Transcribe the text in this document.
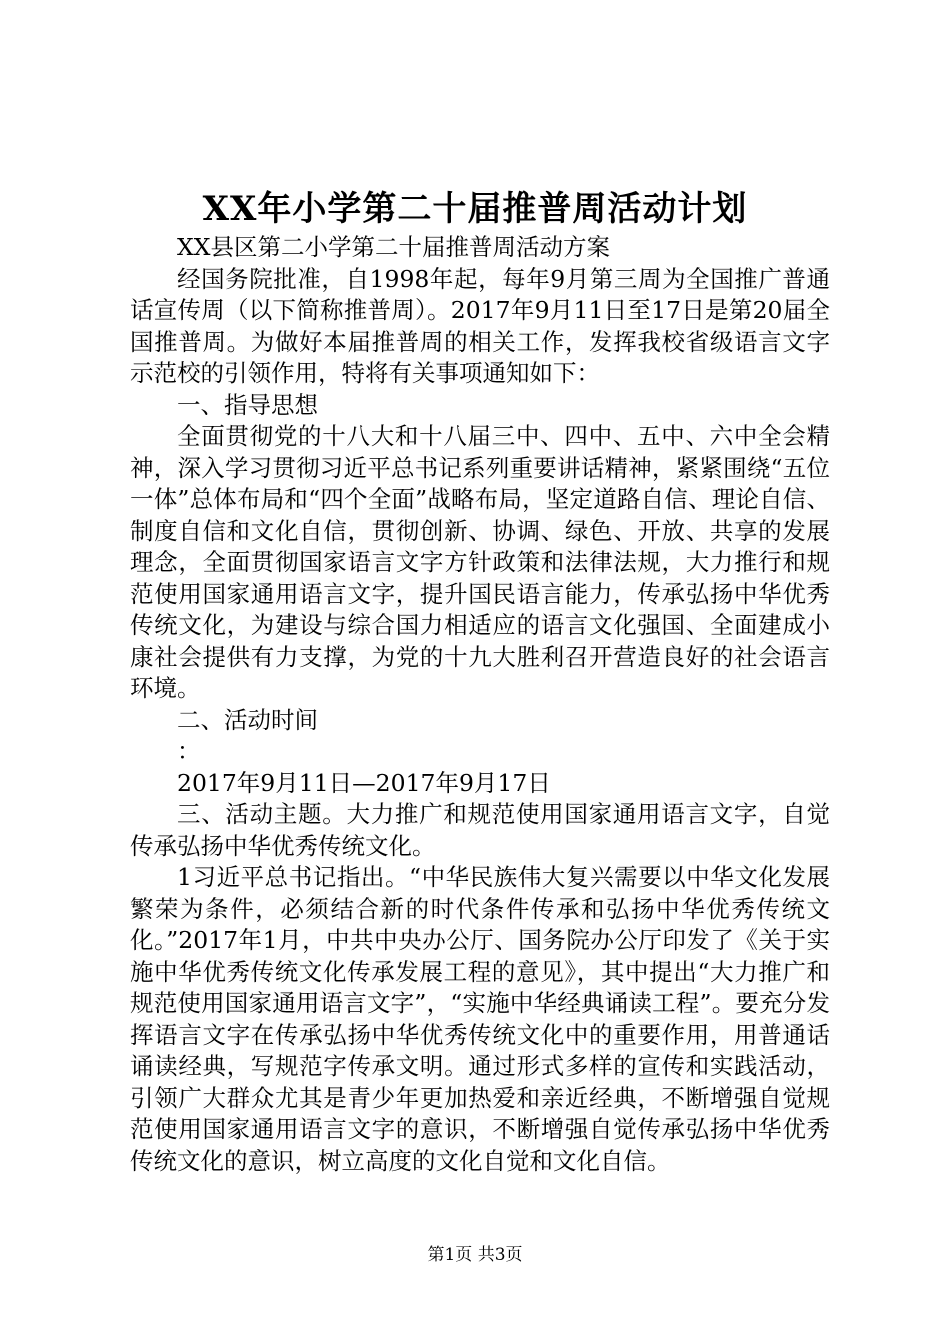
XX年小学第二十届推普周活动计划

XX县区第二小学第二十届推普周活动方案

经国务院批准，自1998年起，每年9月第三周为全国推广普通话宣传周（以下简称推普周）。2017年9月11日至17日是第20届全国推普周。为做好本届推普周的相关工作，发挥我校省级语言文字示范校的引领作用，特将有关事项通知如下：

一、指导思想

全面贯彻党的十八大和十八届三中、四中、五中、六中全会精神，深入学习贯彻习近平总书记系列重要讲话精神，紧紧围绕“五位一体”总体布局和“四个全面”战略布局，坚定道路自信、理论自信、制度自信和文化自信，贯彻创新、协调、绿色、开放、共享的发展理念，全面贯彻国家语言文字方针政策和法律法规，大力推行和规范使用国家通用语言文字，提升国民语言能力，传承弘扬中华优秀传统文化，为建设与综合国力相适应的语言文化强国、全面建成小康社会提供有力支撑，为党的十九大胜利召开营造良好的社会语言环境。

二、活动时间

：

2017年9月11日—2017年9月17日

三、活动主题。大力推广和规范使用国家通用语言文字，自觉传承弘扬中华优秀传统文化。

1习近平总书记指出。“中华民族伟大复兴需要以中华文化发展繁荣为条件，必须结合新的时代条件传承和弘扬中华优秀传统文化。”2017年1月，中共中央办公厅、国务院办公厅印发了《关于实施中华优秀传统文化传承发展工程的意见》，其中提出“大力推广和规范使用国家通用语言文字”，“实施中华经典诵读工程”。要充分发挥语言文字在传承弘扬中华优秀传统文化中的重要作用，用普通话诵读经典，写规范字传承文明。通过形式多样的宣传和实践活动，引领广大群众尤其是青少年更加热爱和亲近经典，不断增强自觉规范使用国家通用语言文字的意识，不断增强自觉传承弘扬中华优秀传统文化的意识，树立高度的文化自觉和文化自信。

第1页 共3页
